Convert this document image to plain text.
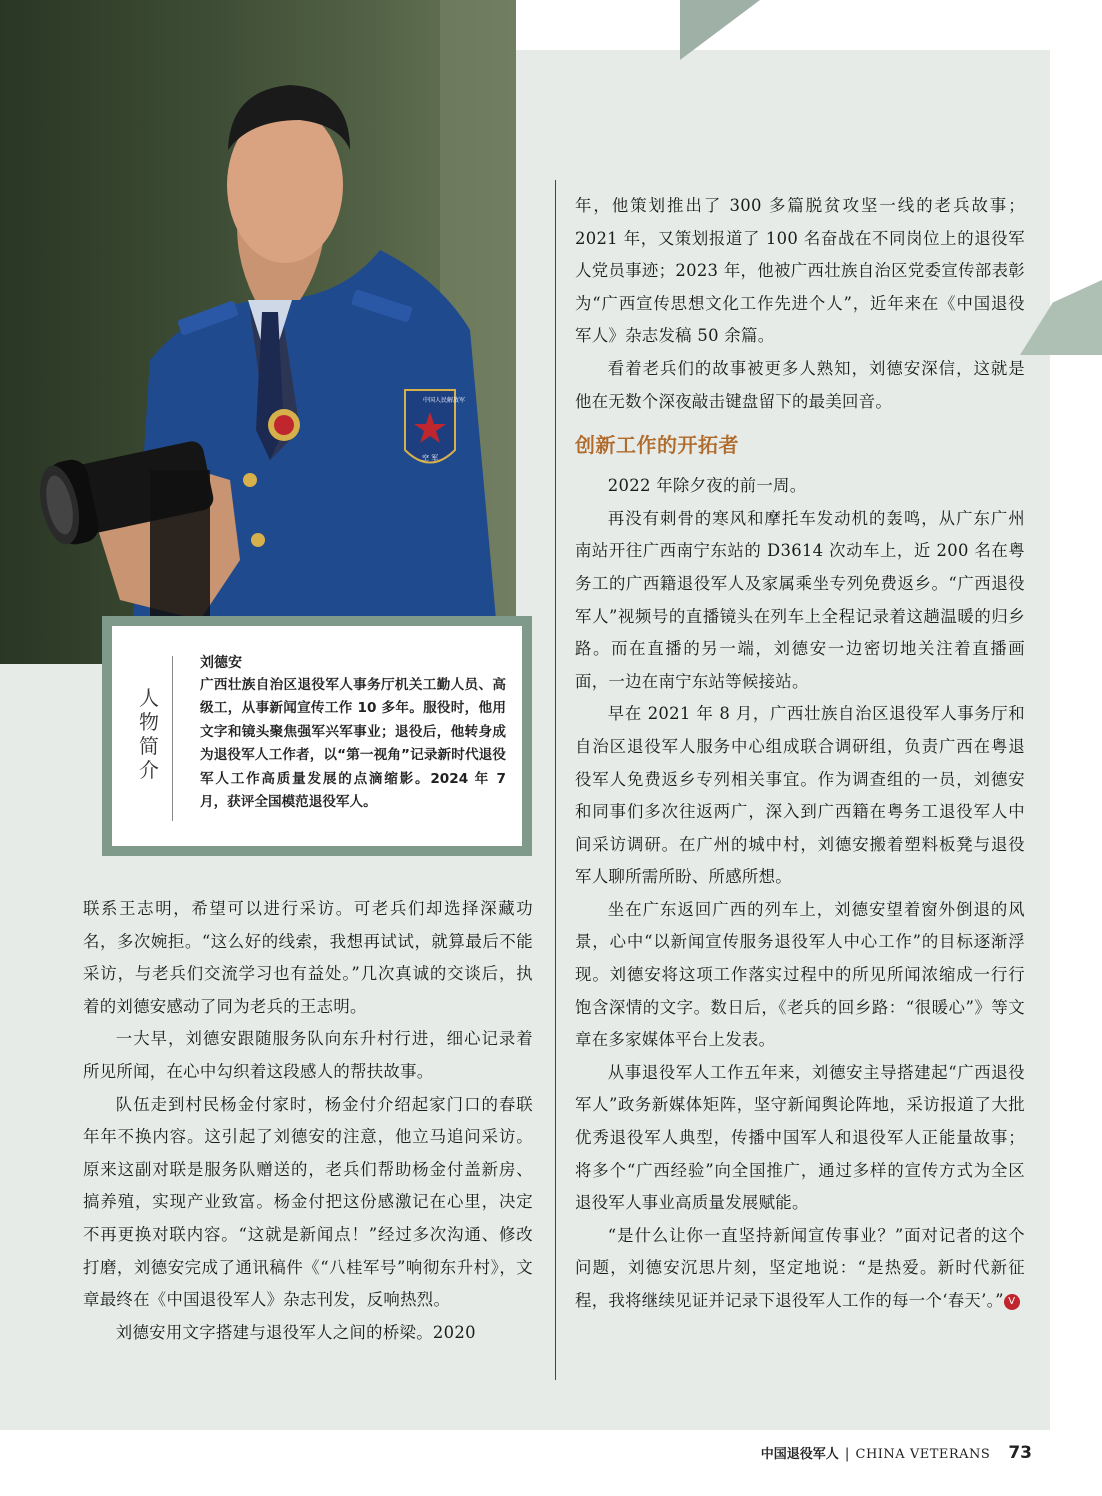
中国人民解放军
空 军
人物简介
刘德安
广西壮族自治区退役军人事务厅机关工勤人员、高级工，从事新闻宣传工作 10 多年。服役时，他用文字和镜头聚焦强军兴军事业；退役后，他转身成为退役军人工作者，以“第一视角”记录新时代退役军人工作高质量发展的点滴缩影。2024 年 7 月，获评全国模范退役军人。

联系王志明，希望可以进行采访。可老兵们却选择深藏功名，多次婉拒。“这么好的线索，我想再试试，就算最后不能采访，与老兵们交流学习也有益处。”几次真诚的交谈后，执着的刘德安感动了同为老兵的王志明。

一大早，刘德安跟随服务队向东升村行进，细心记录着所见所闻，在心中勾织着这段感人的帮扶故事。

队伍走到村民杨金付家时，杨金付介绍起家门口的春联年年不换内容。这引起了刘德安的注意，他立马追问采访。原来这副对联是服务队赠送的，老兵们帮助杨金付盖新房、搞养殖，实现产业致富。杨金付把这份感激记在心里，决定不再更换对联内容。“这就是新闻点！”经过多次沟通、修改打磨，刘德安完成了通讯稿件《“八桂军号”响彻东升村》，文章最终在《中国退役军人》杂志刊发，反响热烈。

刘德安用文字搭建与退役军人之间的桥梁。2020

年，他策划推出了 300 多篇脱贫攻坚一线的老兵故事；2021 年，又策划报道了 100 名奋战在不同岗位上的退役军人党员事迹；2023 年，他被广西壮族自治区党委宣传部表彰为“广西宣传思想文化工作先进个人”，近年来在《中国退役军人》杂志发稿 50 余篇。

看着老兵们的故事被更多人熟知，刘德安深信，这就是他在无数个深夜敲击键盘留下的最美回音。

创新工作的开拓者

2022 年除夕夜的前一周。

再没有刺骨的寒风和摩托车发动机的轰鸣，从广东广州南站开往广西南宁东站的 D3614 次动车上，近 200 名在粤务工的广西籍退役军人及家属乘坐专列免费返乡。“广西退役军人”视频号的直播镜头在列车上全程记录着这趟温暖的归乡路。而在直播的另一端，刘德安一边密切地关注着直播画面，一边在南宁东站等候接站。

早在 2021 年 8 月，广西壮族自治区退役军人事务厅和自治区退役军人服务中心组成联合调研组，负责广西在粤退役军人免费返乡专列相关事宜。作为调查组的一员，刘德安和同事们多次往返两广，深入到广西籍在粤务工退役军人中间采访调研。在广州的城中村，刘德安搬着塑料板凳与退役军人聊所需所盼、所感所想。

坐在广东返回广西的列车上，刘德安望着窗外倒退的风景，心中“以新闻宣传服务退役军人中心工作”的目标逐渐浮现。刘德安将这项工作落实过程中的所见所闻浓缩成一行行饱含深情的文字。数日后，《老兵的回乡路：“很暖心”》等文章在多家媒体平台上发表。

从事退役军人工作五年来，刘德安主导搭建起“广西退役军人”政务新媒体矩阵，坚守新闻舆论阵地，采访报道了大批优秀退役军人典型，传播中国军人和退役军人正能量故事；将多个“广西经验”向全国推广，通过多样的宣传方式为全区退役军人事业高质量发展赋能。

“是什么让你一直坚持新闻宣传事业？”面对记者的这个问题，刘德安沉思片刻，坚定地说：“是热爱。新时代新征程，我将继续见证并记录下退役军人工作的每一个‘春天’。” V

中国退役军人 | CHINA VETERANS 73
